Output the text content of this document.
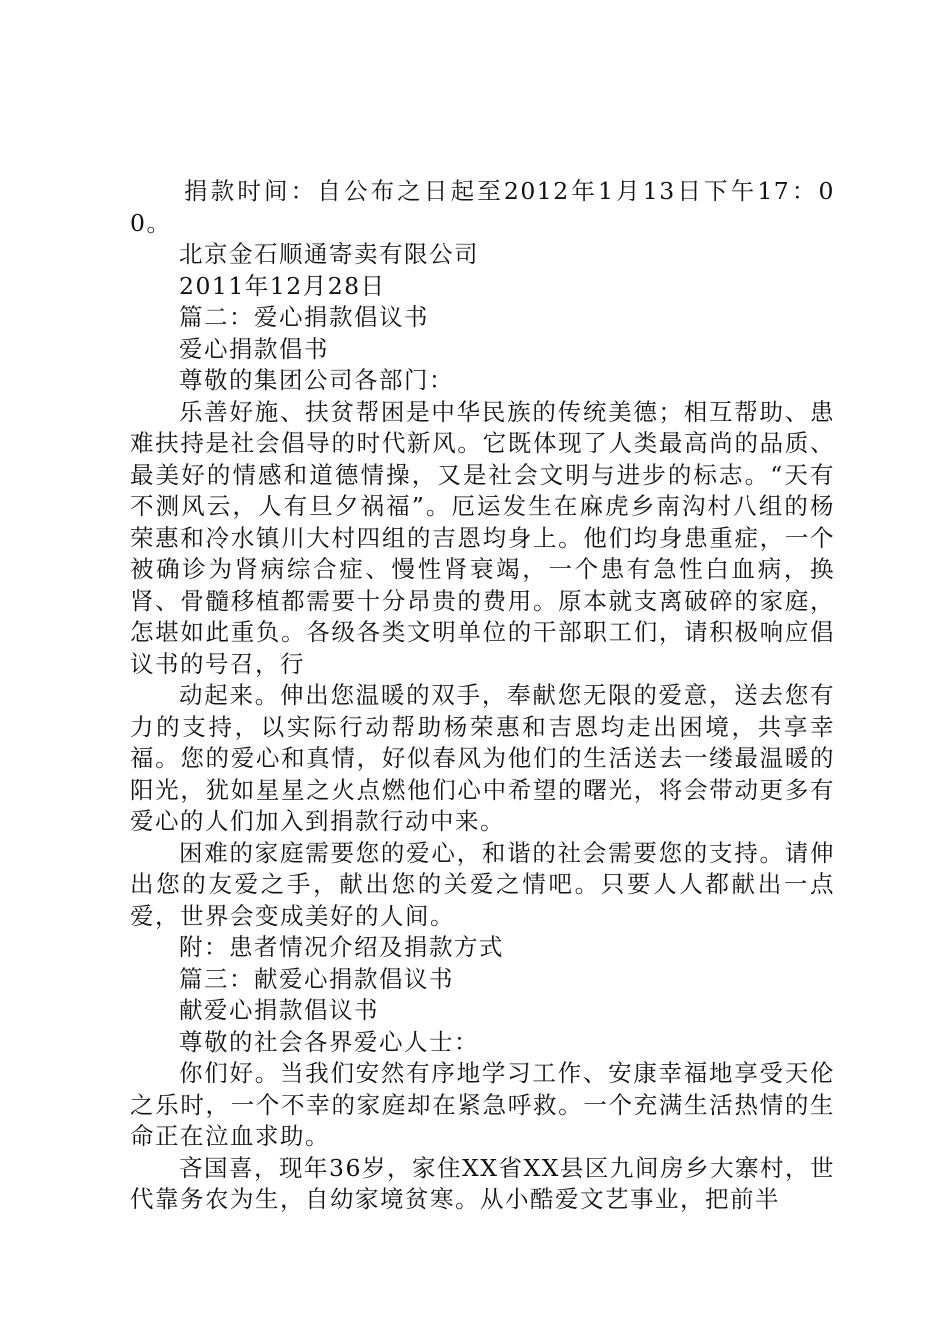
捐款时间：自公布之日起至2012年1月13日下午17：00。

北京金石顺通寄卖有限公司

2011年12月28日

篇二：爱心捐款倡议书

爱心捐款倡书

尊敬的集团公司各部门：

乐善好施、扶贫帮困是中华民族的传统美德；相互帮助、患难扶持是社会倡导的时代新风。它既体现了人类最高尚的品质、最美好的情感和道德情操，又是社会文明与进步的标志。“天有不测风云，人有旦夕祸福”。厄运发生在麻虎乡南沟村八组的杨荣惠和冷水镇川大村四组的吉恩均身上。他们均身患重症，一个被确诊为肾病综合症、慢性肾衰竭，一个患有急性白血病，换肾、骨髓移植都需要十分昂贵的费用。原本就支离破碎的家庭，怎堪如此重负。各级各类文明单位的干部职工们，请积极响应倡议书的号召，行

动起来。伸出您温暖的双手，奉献您无限的爱意，送去您有力的支持，以实际行动帮助杨荣惠和吉恩均走出困境，共享幸福。您的爱心和真情，好似春风为他们的生活送去一缕最温暖的阳光，犹如星星之火点燃他们心中希望的曙光，将会带动更多有爱心的人们加入到捐款行动中来。

困难的家庭需要您的爱心，和谐的社会需要您的支持。请伸出您的友爱之手，献出您的关爱之情吧。只要人人都献出一点爱，世界会变成美好的人间。

附：患者情况介绍及捐款方式

篇三：献爱心捐款倡议书

献爱心捐款倡议书

尊敬的社会各界爱心人士：

你们好。当我们安然有序地学习工作、安康幸福地享受天伦之乐时，一个不幸的家庭却在紧急呼救。一个充满生活热情的生命正在泣血求助。

吝国喜，现年36岁，家住XX省XX县区九间房乡大寨村，世代靠务农为生，自幼家境贫寒。从小酷爱文艺事业，把前半
